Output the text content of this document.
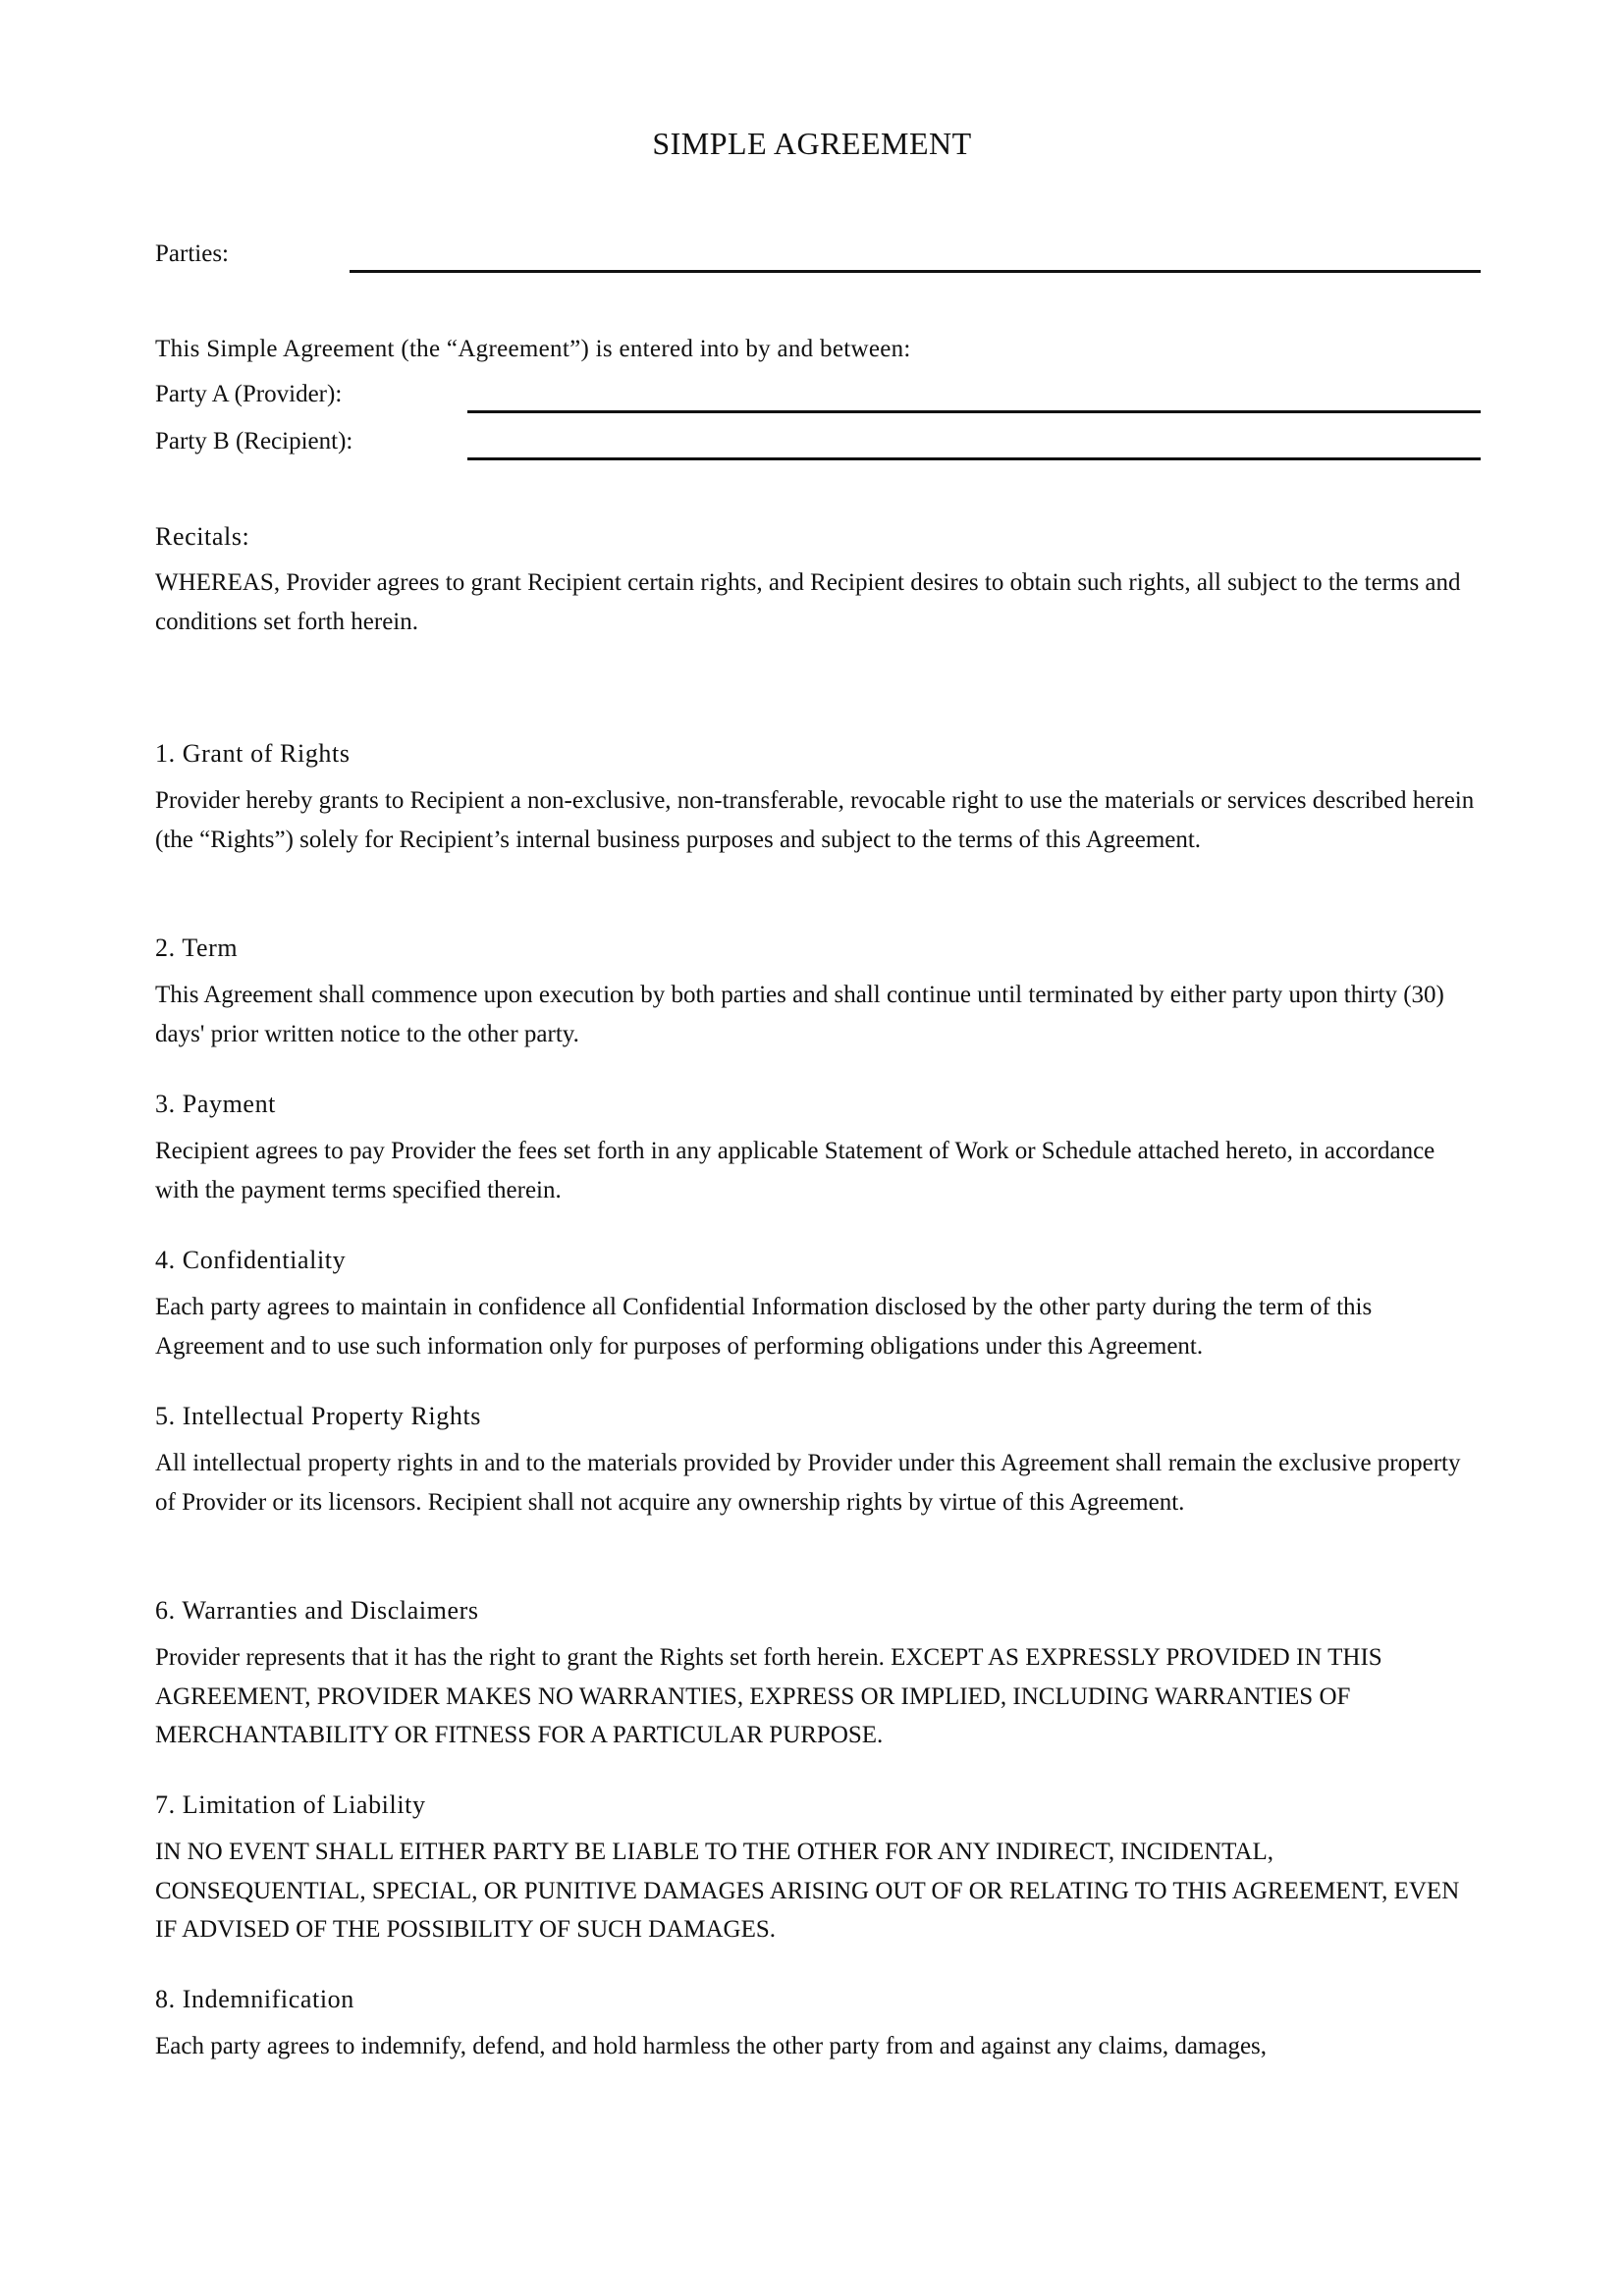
SIMPLE AGREEMENT
Parties:
This Simple Agreement (the “Agreement”) is entered into by and between:
Party A (Provider):
Party B (Recipient):
Recitals:

WHEREAS, Provider agrees to grant Recipient certain rights, and Recipient desires to obtain such rights, all subject to the terms and conditions set forth herein.

1. Grant of Rights

Provider hereby grants to Recipient a non-exclusive, non-transferable, revocable right to use the materials or services described herein (the “Rights”) solely for Recipient’s internal business purposes and subject to the terms of this Agreement.

2. Term

This Agreement shall commence upon execution by both parties and shall continue until terminated by either party upon thirty (30) days' prior written notice to the other party.

3. Payment

Recipient agrees to pay Provider the fees set forth in any applicable Statement of Work or Schedule attached hereto, in accordance with the payment terms specified therein.

4. Confidentiality

Each party agrees to maintain in confidence all Confidential Information disclosed by the other party during the term of this Agreement and to use such information only for purposes of performing obligations under this Agreement.

5. Intellectual Property Rights

All intellectual property rights in and to the materials provided by Provider under this Agreement shall remain the exclusive property of Provider or its licensors. Recipient shall not acquire any ownership rights by virtue of this Agreement.

6. Warranties and Disclaimers

Provider represents that it has the right to grant the Rights set forth herein. EXCEPT AS EXPRESSLY PROVIDED IN THIS AGREEMENT, PROVIDER MAKES NO WARRANTIES, EXPRESS OR IMPLIED, INCLUDING WARRANTIES OF MERCHANTABILITY OR FITNESS FOR A PARTICULAR PURPOSE.

7. Limitation of Liability

IN NO EVENT SHALL EITHER PARTY BE LIABLE TO THE OTHER FOR ANY INDIRECT, INCIDENTAL, CONSEQUENTIAL, SPECIAL, OR PUNITIVE DAMAGES ARISING OUT OF OR RELATING TO THIS AGREEMENT, EVEN IF ADVISED OF THE POSSIBILITY OF SUCH DAMAGES.

8. Indemnification

Each party agrees to indemnify, defend, and hold harmless the other party from and against any claims, damages,
